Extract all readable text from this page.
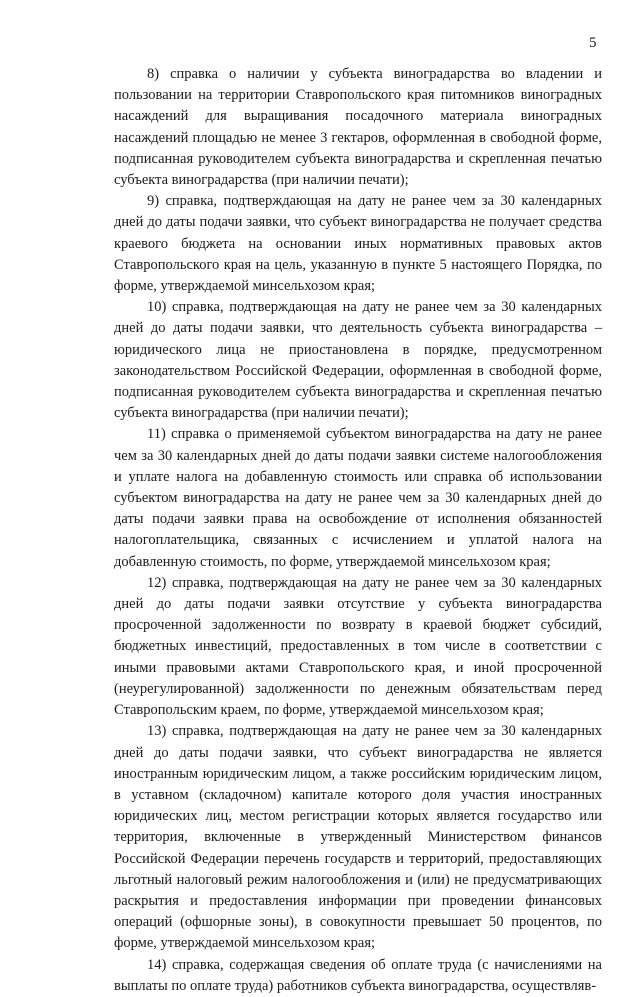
5

8) справка о наличии у субъекта виноградарства во владении и пользовании на территории Ставропольского края питомников виноградных насаждений для выращивания посадочного материала виноградных насаждений площадью не менее 3 гектаров, оформленная в свободной форме, подписанная руководителем субъекта виноградарства и скрепленная печатью субъекта виноградарства (при наличии печати);

9) справка, подтверждающая на дату не ранее чем за 30 календарных дней до даты подачи заявки, что субъект виноградарства не получает средства краевого бюджета на основании иных нормативных правовых актов Ставропольского края на цель, указанную в пункте 5 настоящего Порядка, по форме, утверждаемой минсельхозом края;

10) справка, подтверждающая на дату не ранее чем за 30 календарных дней до даты подачи заявки, что деятельность субъекта виноградарства – юридического лица не приостановлена в порядке, предусмотренном законодательством Российской Федерации, оформленная в свободной форме, подписанная руководителем субъекта виноградарства и скрепленная печатью субъекта виноградарства (при наличии печати);

11) справка о применяемой субъектом виноградарства на дату не ранее чем за 30 календарных дней до даты подачи заявки системе налогообложения и уплате налога на добавленную стоимость или справка об использовании субъектом виноградарства на дату не ранее чем за 30 календарных дней до даты подачи заявки права на освобождение от исполнения обязанностей налогоплательщика, связанных с исчислением и уплатой налога на добавленную стоимость, по форме, утверждаемой минсельхозом края;

12) справка, подтверждающая на дату не ранее чем за 30 календарных дней до даты подачи заявки отсутствие у субъекта виноградарства просроченной задолженности по возврату в краевой бюджет субсидий, бюджетных инвестиций, предоставленных в том числе в соответствии с иными правовыми актами Ставропольского края, и иной просроченной (неурегулированной) задолженности по денежным обязательствам перед Ставропольским краем, по форме, утверждаемой минсельхозом края;

13) справка, подтверждающая на дату не ранее чем за 30 календарных дней до даты подачи заявки, что субъект виноградарства не является иностранным юридическим лицом, а также российским юридическим лицом, в уставном (складочном) капитале которого доля участия иностранных юридических лиц, местом регистрации которых является государство или территория, включенные в утвержденный Министерством финансов Российской Федерации перечень государств и территорий, предоставляющих льготный налоговый режим налогообложения и (или) не предусматривающих раскрытия и предоставления информации при проведении финансовых операций (офшорные зоны), в совокупности превышает 50 процентов, по форме, утверждаемой минсельхозом края;

14) справка, содержащая сведения об оплате труда (с начислениями на выплаты по оплате труда) работников субъекта виноградарства, осуществляв-
